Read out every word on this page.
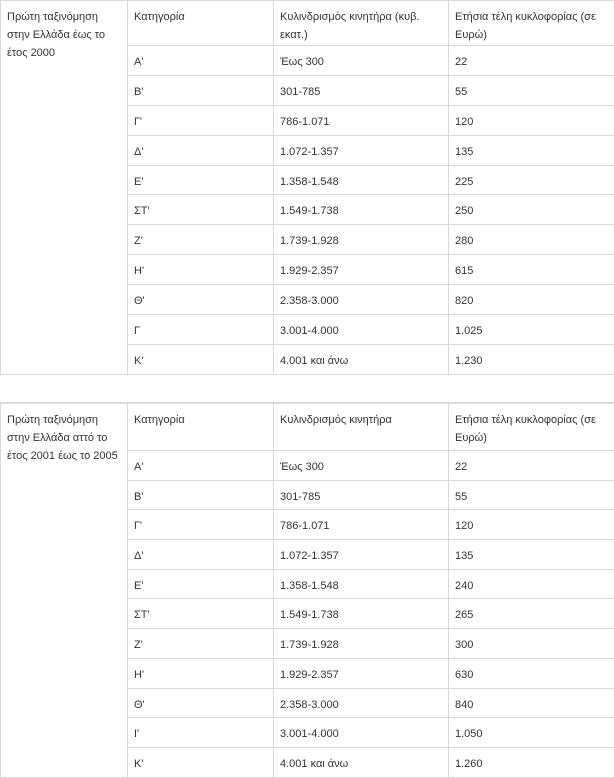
Πρώτη ταξινόμηση στην Ελλάδα έως το έτος 2000	Κατηγορία	Κυλινδρισμός κινητήρα (κυβ. εκατ.)	Ετήσια τέλη κυκλοφορίας (σε Ευρώ)
	Α'	Έως 300	22
	Β'	301-785	55
	Γ'	786-1.071	120
	Δ'	1.072-1.357	135
	Ε'	1.358-1.548	225
	ΣΤ'	1.549-1.738	250
	Ζ'	1.739-1.928	280
	Η'	1.929-2.357	615
	Θ'	2.358-3.000	820
	Γ	3.001-4.000	1.025
	Κ'	4.001 και άνω	1.230
Πρώτη ταξινόμηση στην Ελλάδα αττό το έτος 2001 έως το 2005	Κατηγορία	Κυλινδρισμός κινητήρα	Ετήσια τέλη κυκλοφορίας (σε Ευρώ)
	Α'	Έως 300	22
	Β'	301-785	55
	Γ'	786-1.071	120
	Δ'	1.072-1.357	135
	Ε'	1.358-1.548	240
	ΣΤ'	1.549-1.738	265
	Ζ'	1.739-1.928	300
	Η'	1.929-2.357	630
	Θ'	2.358-3.000	840
	Ι'	3.001-4.000	1.050
	Κ'	4.001 και άνω	1.260
